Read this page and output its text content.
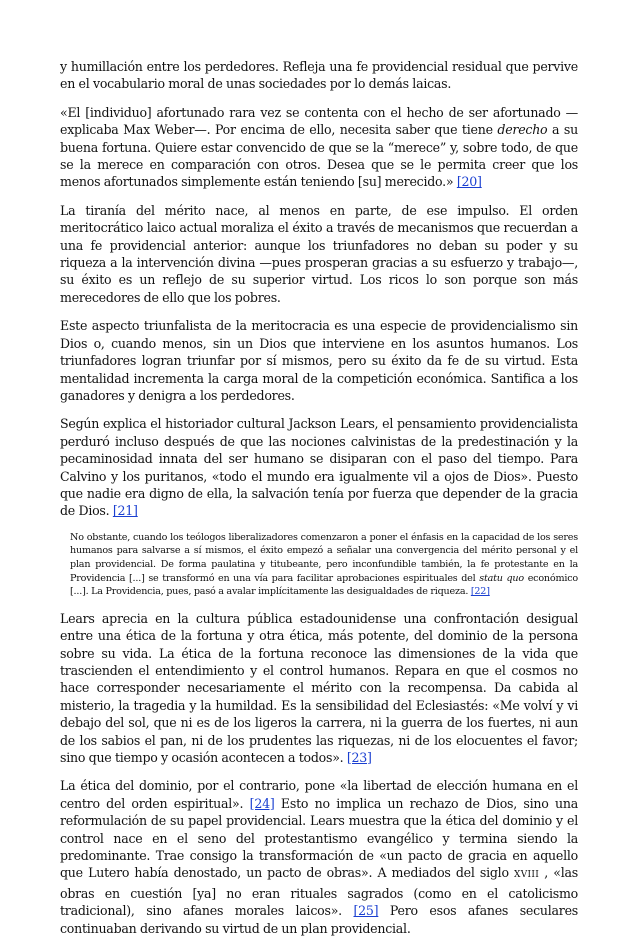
y humillación entre los perdedores. Refleja una fe providencial residual que pervive en el vocabulario moral de unas sociedades por lo demás laicas.

«El [individuo] afortunado rara vez se contenta con el hecho de ser afortunado —explicaba Max Weber—. Por encima de ello, necesita saber que tiene derecho a su buena fortuna. Quiere estar convencido de que se la “merece” y, sobre todo, de que se la merece en comparación con otros. Desea que se le permita creer que los menos afortunados simplemente están teniendo [su] merecido.» [20]

La tiranía del mérito nace, al menos en parte, de ese impulso. El orden meritocrático laico actual moraliza el éxito a través de mecanismos que recuerdan a una fe providencial anterior: aunque los triunfadores no deban su poder y su riqueza a la intervención divina —pues prosperan gracias a su esfuerzo y trabajo—, su éxito es un reflejo de su superior virtud. Los ricos lo son porque son más merecedores de ello que los pobres.

Este aspecto triunfalista de la meritocracia es una especie de providencialismo sin Dios o, cuando menos, sin un Dios que interviene en los asuntos humanos. Los triunfadores logran triunfar por sí mismos, pero su éxito da fe de su virtud. Esta mentalidad incrementa la carga moral de la competición económica. Santifica a los ganadores y denigra a los perdedores.

Según explica el historiador cultural Jackson Lears, el pensamiento providencialista perduró incluso después de que las nociones calvinistas de la predestinación y la pecaminosidad innata del ser humano se disiparan con el paso del tiempo. Para Calvino y los puritanos, «todo el mundo era igualmente vil a ojos de Dios». Puesto que nadie era digno de ella, la salvación tenía por fuerza que depender de la gracia de Dios. [21]

No obstante, cuando los teólogos liberalizadores comenzaron a poner el énfasis en la capacidad de los seres humanos para salvarse a sí mismos, el éxito empezó a señalar una convergencia del mérito personal y el plan providencial. De forma paulatina y titubeante, pero inconfundible también, la fe protestante en la Providencia [...] se transformó en una vía para facilitar aprobaciones espirituales del statu quo económico [...]. La Providencia, pues, pasó a avalar implícitamente las desigualdades de riqueza. [22]

Lears aprecia en la cultura pública estadounidense una confrontación desigual entre una ética de la fortuna y otra ética, más potente, del dominio de la persona sobre su vida. La ética de la fortuna reconoce las dimensiones de la vida que trascienden el entendimiento y el control humanos. Repara en que el cosmos no hace corresponder necesariamente el mérito con la recompensa. Da cabida al misterio, la tragedia y la humildad. Es la sensibilidad del Eclesiastés: «Me volví y vi debajo del sol, que ni es de los ligeros la carrera, ni la guerra de los fuertes, ni aun de los sabios el pan, ni de los prudentes las riquezas, ni de los elocuentes el favor; sino que tiempo y ocasión acontecen a todos». [23]

La ética del dominio, por el contrario, pone «la libertad de elección humana en el centro del orden espiritual». [24] Esto no implica un rechazo de Dios, sino una reformulación de su papel providencial. Lears muestra que la ética del dominio y el control nace en el seno del protestantismo evangélico y termina siendo la predominante. Trae consigo la transformación de «un pacto de gracia en aquello que Lutero había denostado, un pacto de obras». A mediados del siglo XVIII , «las obras en cuestión [ya] no eran rituales sagrados (como en el catolicismo tradicional), sino afanes morales laicos». [25] Pero esos afanes seculares continuaban derivando su virtud de un plan providencial.
